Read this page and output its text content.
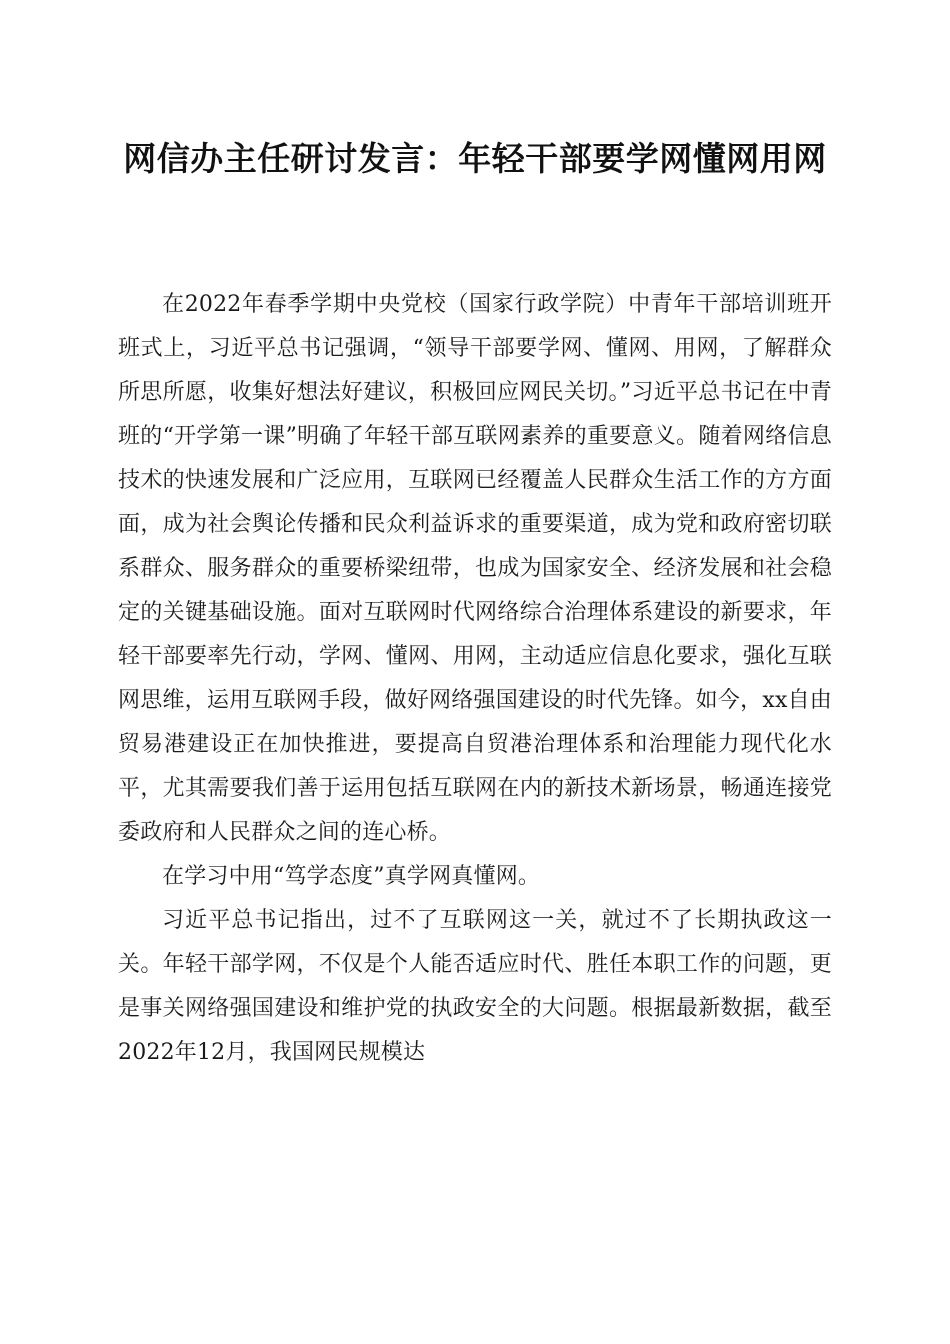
网信办主任研讨发言：年轻干部要学网懂网用网

在2022年春季学期中央党校（国家行政学院）中青年干部培训班开班式上，习近平总书记强调，“领导干部要学网、懂网、用网，了解群众所思所愿，收集好想法好建议，积极回应网民关切。”习近平总书记在中青班的“开学第一课”明确了年轻干部互联网素养的重要意义。随着网络信息技术的快速发展和广泛应用，互联网已经覆盖人民群众生活工作的方方面面，成为社会舆论传播和民众利益诉求的重要渠道，成为党和政府密切联系群众、服务群众的重要桥梁纽带，也成为国家安全、经济发展和社会稳定的关键基础设施。面对互联网时代网络综合治理体系建设的新要求，年轻干部要率先行动，学网、懂网、用网，主动适应信息化要求，强化互联网思维，运用互联网手段，做好网络强国建设的时代先锋。如今，xx自由贸易港建设正在加快推进，要提高自贸港治理体系和治理能力现代化水平，尤其需要我们善于运用包括互联网在内的新技术新场景，畅通连接党委政府和人民群众之间的连心桥。

在学习中用“笃学态度”真学网真懂网。

习近平总书记指出，过不了互联网这一关，就过不了长期执政这一关。年轻干部学网，不仅是个人能否适应时代、胜任本职工作的问题，更是事关网络强国建设和维护党的执政安全的大问题。根据最新数据，截至2022年12月，我国网民规模达
